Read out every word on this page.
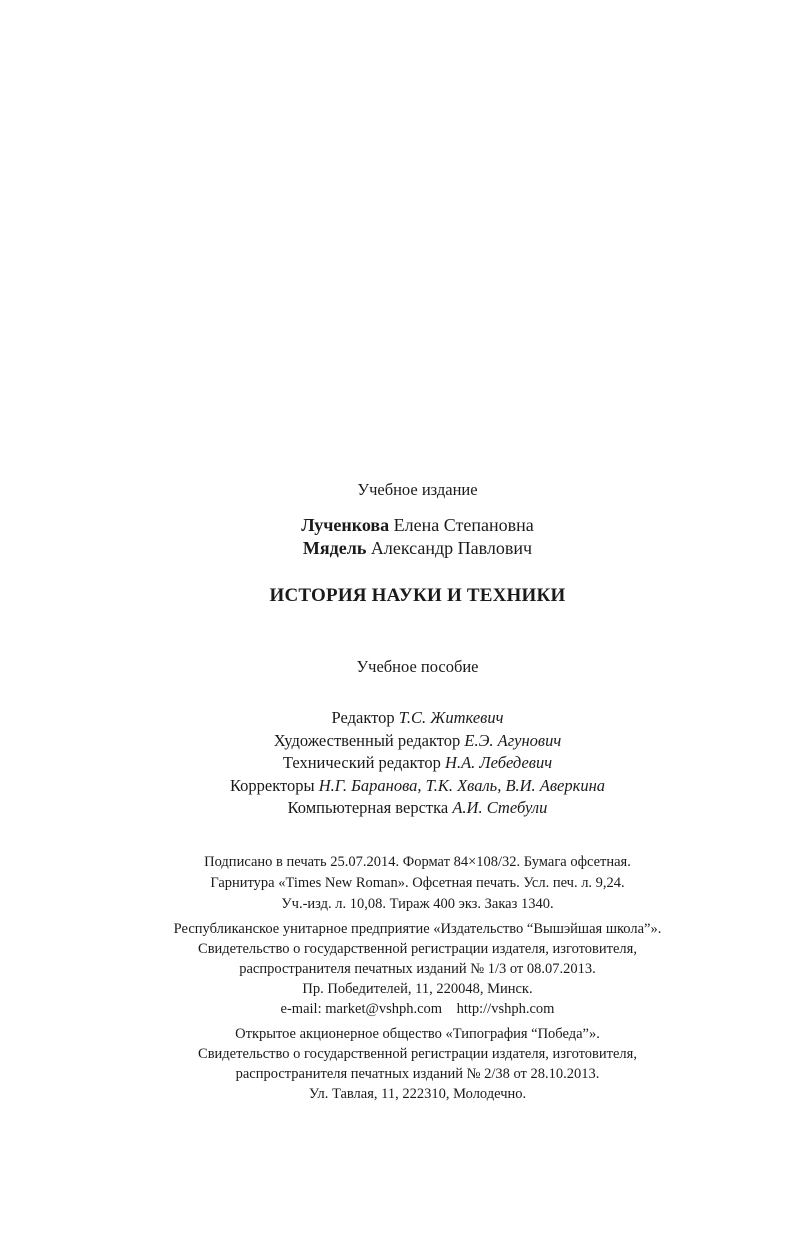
Учебное издание
Лученкова Елена Степановна
Мядель Александр Павлович
ИСТОРИЯ НАУКИ И ТЕХНИКИ
Учебное пособие
Редактор Т.С. Житкевич
Художественный редактор Е.Э. Агунович
Технический редактор Н.А. Лебедевич
Корректоры Н.Г. Баранова, Т.К. Хваль, В.И. Аверкина
Компьютерная верстка А.И. Стебули
Подписано в печать 25.07.2014. Формат 84×108/32. Бумага офсетная.
Гарнитура «Times New Roman». Офсетная печать. Усл. печ. л. 9,24.
Уч.-изд. л. 10,08. Тираж 400 экз. Заказ 1340.
Республиканское унитарное предприятие «Издательство “Вышэйшая школа”».
Свидетельство о государственной регистрации издателя, изготовителя,
распространителя печатных изданий № 1/3 от 08.07.2013.
Пр. Победителей, 11, 220048, Минск.
e-mail: market@vshph.com    http://vshph.com
Открытое акционерное общество «Типография “Победа”».
Свидетельство о государственной регистрации издателя, изготовителя,
распространителя печатных изданий № 2/38 от 28.10.2013.
Ул. Тавлая, 11, 222310, Молодечно.
